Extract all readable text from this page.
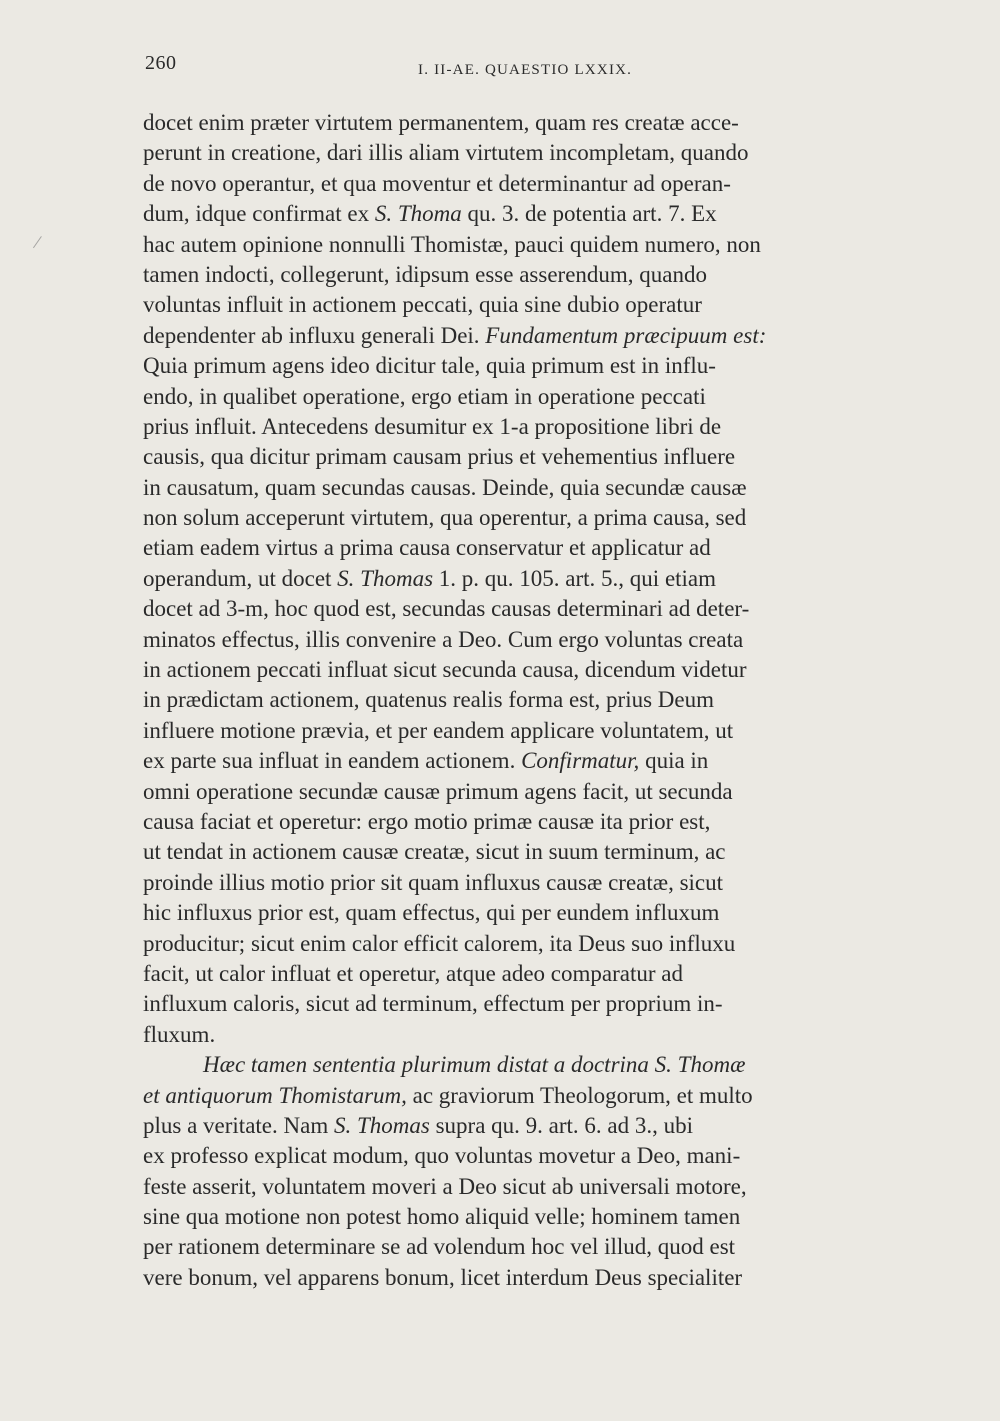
260	I. II-AE. QUAESTIO LXXIX.
docet enim præter virtutem permanentem, quam res creatæ acce-
perunt in creatione, dari illis aliam virtutem incompletam, quando
de novo operantur, et qua moventur et determinantur ad operan-
dum, idque confirmat ex S. Thoma qu. 3. de potentia art. 7. Ex
hac autem opinione nonnulli Thomistæ, pauci quidem numero, non
tamen indocti, collegerunt, idipsum esse asserendum, quando
voluntas influit in actionem peccati, quia sine dubio operatur
dependenter ab influxu generali Dei. Fundamentum præcipuum est:
Quia primum agens ideo dicitur tale, quia primum est in influ-
endo, in qualibet operatione, ergo etiam in operatione peccati
prius influit. Antecedens desumitur ex 1-a propositione libri de
causis, qua dicitur primam causam prius et vehementius influere
in causatum, quam secundas causas. Deinde, quia secundæ causæ
non solum acceperunt virtutem, qua operentur, a prima causa, sed
etiam eadem virtus a prima causa conservatur et applicatur ad
operandum, ut docet S. Thomas 1. p. qu. 105. art. 5., qui etiam
docet ad 3-m, hoc quod est, secundas causas determinari ad deter-
minatos effectus, illis convenire a Deo. Cum ergo voluntas creata
in actionem peccati influat sicut secunda causa, dicendum videtur
in prædictam actionem, quatenus realis forma est, prius Deum
influere motione prævia, et per eandem applicare voluntatem, ut
ex parte sua influat in eandem actionem. Confirmatur, quia in
omni operatione secundæ causæ primum agens facit, ut secunda
causa faciat et operetur: ergo motio primæ causæ ita prior est,
ut tendat in actionem causæ creatæ, sicut in suum terminum, ac
proinde illius motio prior sit quam influxus causæ creatæ, sicut
hic influxus prior est, quam effectus, qui per eundem influxum
producitur; sicut enim calor efficit calorem, ita Deus suo influxu
facit, ut calor influat et operetur, atque adeo comparatur ad
influxum caloris, sicut ad terminum, effectum per proprium in-
fluxum.
Hæc tamen sententia plurimum distat a doctrina S. Thomæ
et antiquorum Thomistarum, ac graviorum Theologorum, et multo
plus a veritate. Nam S. Thomas supra qu. 9. art. 6. ad 3., ubi
ex professo explicat modum, quo voluntas movetur a Deo, mani-
feste asserit, voluntatem moveri a Deo sicut ab universali motore,
sine qua motione non potest homo aliquid velle; hominem tamen
per rationem determinare se ad volendum hoc vel illud, quod est
vere bonum, vel apparens bonum, licet interdum Deus specialiter
